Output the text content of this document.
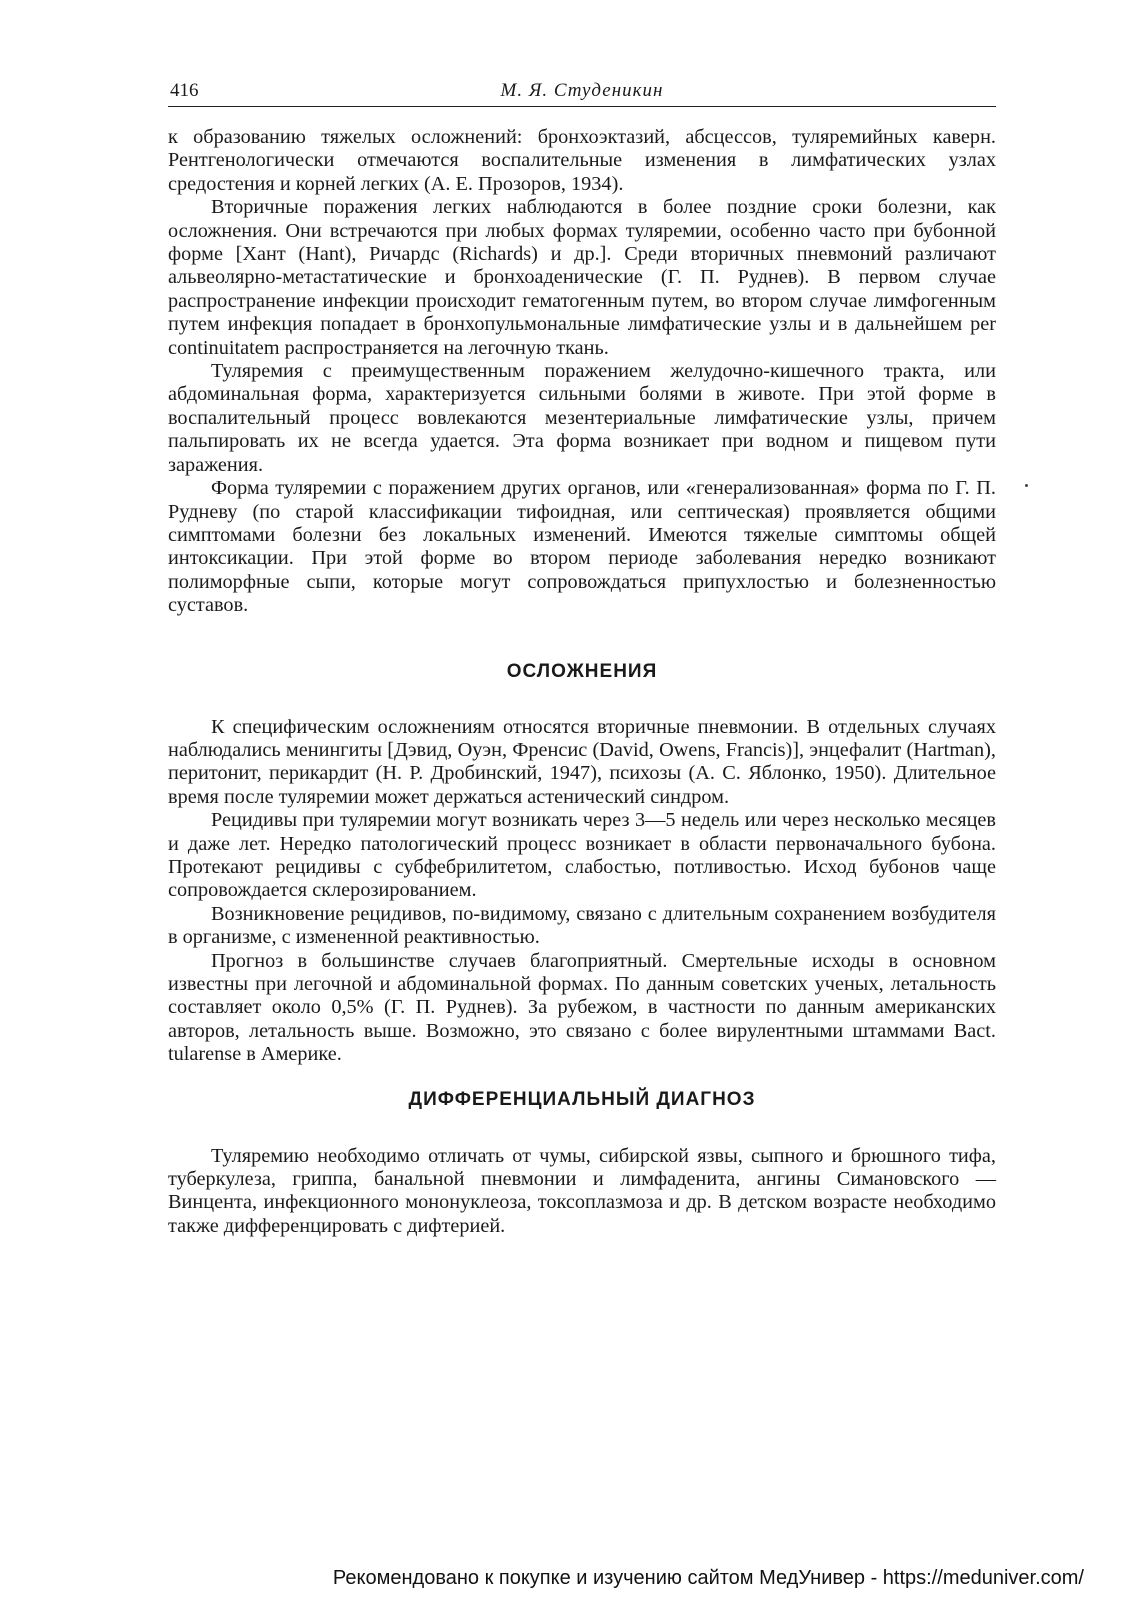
416	М. Я. Студеникин

к образованию тяжелых осложнений: бронхоэктазий, абсцессов, туляремийных каверн. Рентгенологически отмечаются воспалительные изменения в лимфатических узлах средостения и корней легких (А. Е. Прозоров, 1934).

Вторичные поражения легких наблюдаются в более поздние сроки болезни, как осложнения. Они встречаются при любых формах туляремии, особенно часто при бубонной форме [Хант (Hant), Ричардс (Richards) и др.]. Среди вторичных пневмоний различают альвеолярно-метастатические и бронхоаденические (Г. П. Руднев). В первом случае распространение инфекции происходит гематогенным путем, во втором случае лимфогенным путем инфекция попадает в бронхопульмональные лимфатические узлы и в дальнейшем per continuitatem распространяется на легочную ткань.

Туляремия с преимущественным поражением желудочно-кишечного тракта, или абдоминальная форма, характеризуется сильными болями в животе. При этой форме в воспалительный процесс вовлекаются мезентериальные лимфатические узлы, причем пальпировать их не всегда удается. Эта форма возникает при водном и пищевом пути заражения.

Форма туляремии с поражением других органов, или «генерализованная» форма по Г. П. Рудневу (по старой классификации тифоидная, или септическая) проявляется общими симптомами болезни без локальных изменений. Имеются тяжелые симптомы общей интоксикации. При этой форме во втором периоде заболевания нередко возникают полиморфные сыпи, которые могут сопровождаться припухлостью и болезненностью суставов.

ОСЛОЖНЕНИЯ

К специфическим осложнениям относятся вторичные пневмонии. В отдельных случаях наблюдались менингиты [Дэвид, Оуэн, Френсис (David, Owens, Francis)], энцефалит (Hartman), перитонит, перикардит (Н. Р. Дробинский, 1947), психозы (А. С. Яблонко, 1950). Длительное время после туляремии может держаться астенический синдром.

Рецидивы при туляремии могут возникать через 3—5 недель или через несколько месяцев и даже лет. Нередко патологический процесс возникает в области первоначального бубона. Протекают рецидивы с субфебрилитетом, слабостью, потливостью. Исход бубонов чаще сопровождается склерозированием.

Возникновение рецидивов, по-видимому, связано с длительным сохранением возбудителя в организме, с измененной реактивностью.

Прогноз в большинстве случаев благоприятный. Смертельные исходы в основном известны при легочной и абдоминальной формах. По данным советских ученых, летальность составляет около 0,5% (Г. П. Руднев). За рубежом, в частности по данным американских авторов, летальность выше. Возможно, это связано с более вирулентными штаммами Bact. tularense в Америке.

ДИФФЕРЕНЦИАЛЬНЫЙ ДИАГНОЗ

Туляремию необходимо отличать от чумы, сибирской язвы, сыпного и брюшного тифа, туберкулеза, гриппа, банальной пневмонии и лимфаденита, ангины Симановского — Винцента, инфекционного мононуклеоза, токсоплазмоза и др. В детском возрасте необходимо также дифференцировать с дифтерией.

Рекомендовано к покупке и изучению сайтом МедУнивер - https://meduniver.com/
